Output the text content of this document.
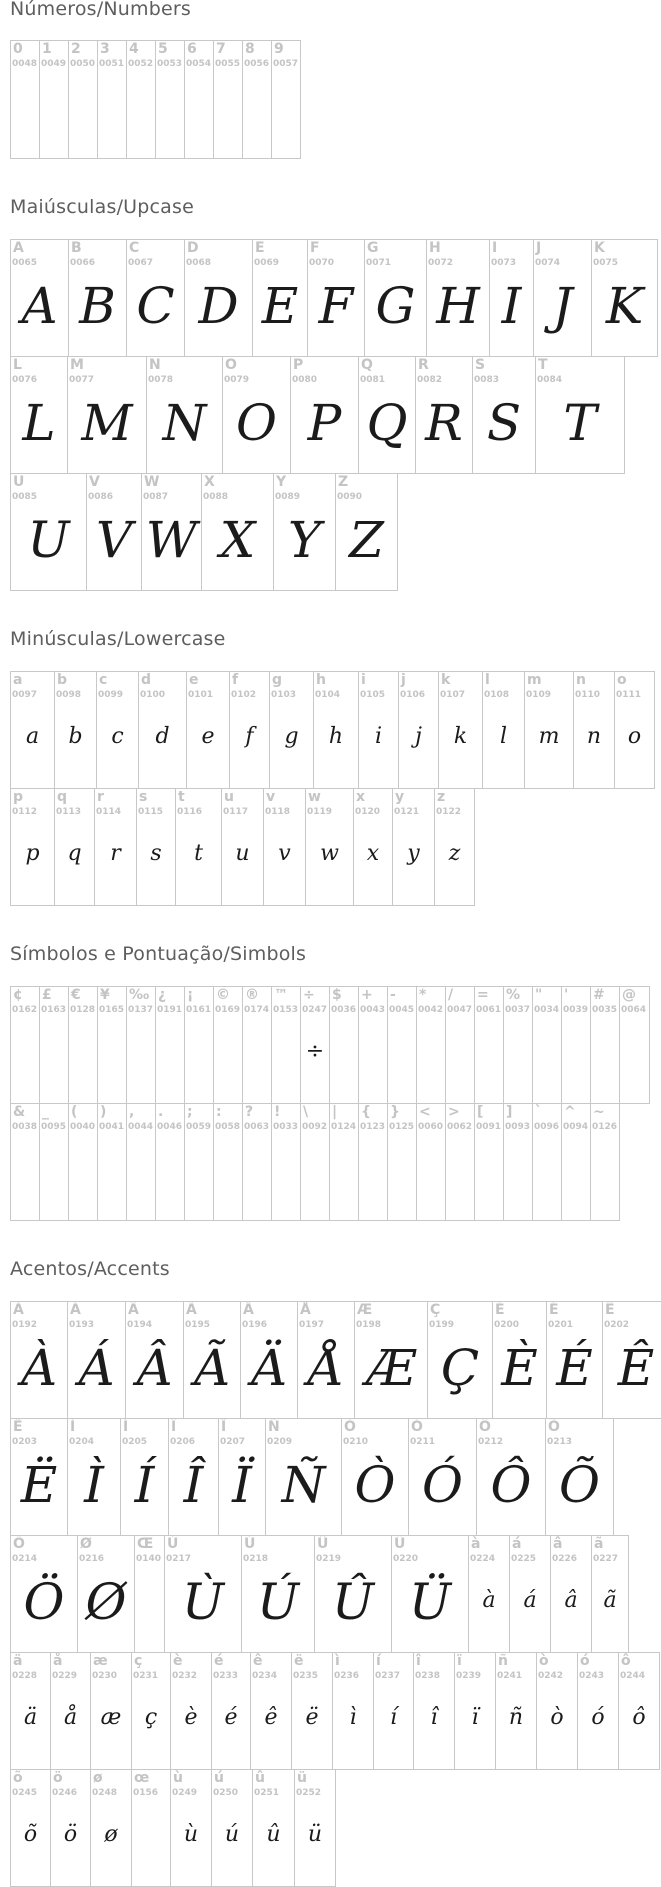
Números/Numbers
Maiúsculas/Upcase
Minúsculas/Lowercase
Símbolos e Pontuação/Simbols
Acentos/Accents
0
0048
1
0049
2
0050
3
0051
4
0052
5
0053
6
0054
7
0055
8
0056
9
0057
A
0065
A
B
0066
B
C
0067
C
D
0068
D
E
0069
E
F
0070
F
G
0071
G
H
0072
H
I
0073
I
J
0074
J
K
0075
K
L
0076
L
M
0077
M
N
0078
N
O
0079
O
P
0080
P
Q
0081
Q
R
0082
R
S
0083
S
T
0084
T
U
0085
U
V
0086
V
W
0087
W
X
0088
X
Y
0089
Y
Z
0090
Z
a
0097
a
b
0098
b
c
0099
c
d
0100
d
e
0101
e
f
0102
f
g
0103
g
h
0104
h
i
0105
i
j
0106
j
k
0107
k
l
0108
l
m
0109
m
n
0110
n
o
0111
o
p
0112
p
q
0113
q
r
0114
r
s
0115
s
t
0116
t
u
0117
u
v
0118
v
w
0119
w
x
0120
x
y
0121
y
z
0122
z
¢
0162
£
0163
€
0128
¥
0165
‰
0137
¿
0191
¡
0161
©
0169
®
0174
™
0153
÷
0247
÷
$
0036
+
0043
-
0045
*
0042
/
0047
=
0061
%
0037
"
0034
'
0039
#
0035
@
0064
&
0038
_
0095
(
0040
)
0041
,
0044
.
0046
;
0059
:
0058
?
0063
!
0033
\
0092
|
0124
{
0123
}
0125
<
0060
>
0062
[
0091
]
0093
`
0096
^
0094
~
0126
À
0192
À
Á
0193
Á
Â
0194
Â
Ã
0195
Ã
Ä
0196
Ä
Å
0197
Å
Æ
0198
Æ
Ç
0199
Ç
È
0200
È
É
0201
É
Ê
0202
Ê
Ë
0203
Ë
Ì
0204
Ì
Í
0205
Í
Î
0206
Î
Ï
0207
Ï
Ñ
0209
Ñ
Ò
0210
Ò
Ó
0211
Ó
Ô
0212
Ô
Õ
0213
Õ
Ö
0214
Ö
Ø
0216
Ø
Œ
0140
Ù
0217
Ù
Ú
0218
Ú
Û
0219
Û
Ü
0220
Ü
à
0224
à
á
0225
á
â
0226
â
ã
0227
ã
ä
0228
ä
å
0229
å
æ
0230
æ
ç
0231
ç
è
0232
è
é
0233
é
ê
0234
ê
ë
0235
ë
ì
0236
ì
í
0237
í
î
0238
î
ï
0239
ï
ñ
0241
ñ
ò
0242
ò
ó
0243
ó
ô
0244
ô
õ
0245
õ
ö
0246
ö
ø
0248
ø
œ
0156
ù
0249
ù
ú
0250
ú
û
0251
û
ü
0252
ü
